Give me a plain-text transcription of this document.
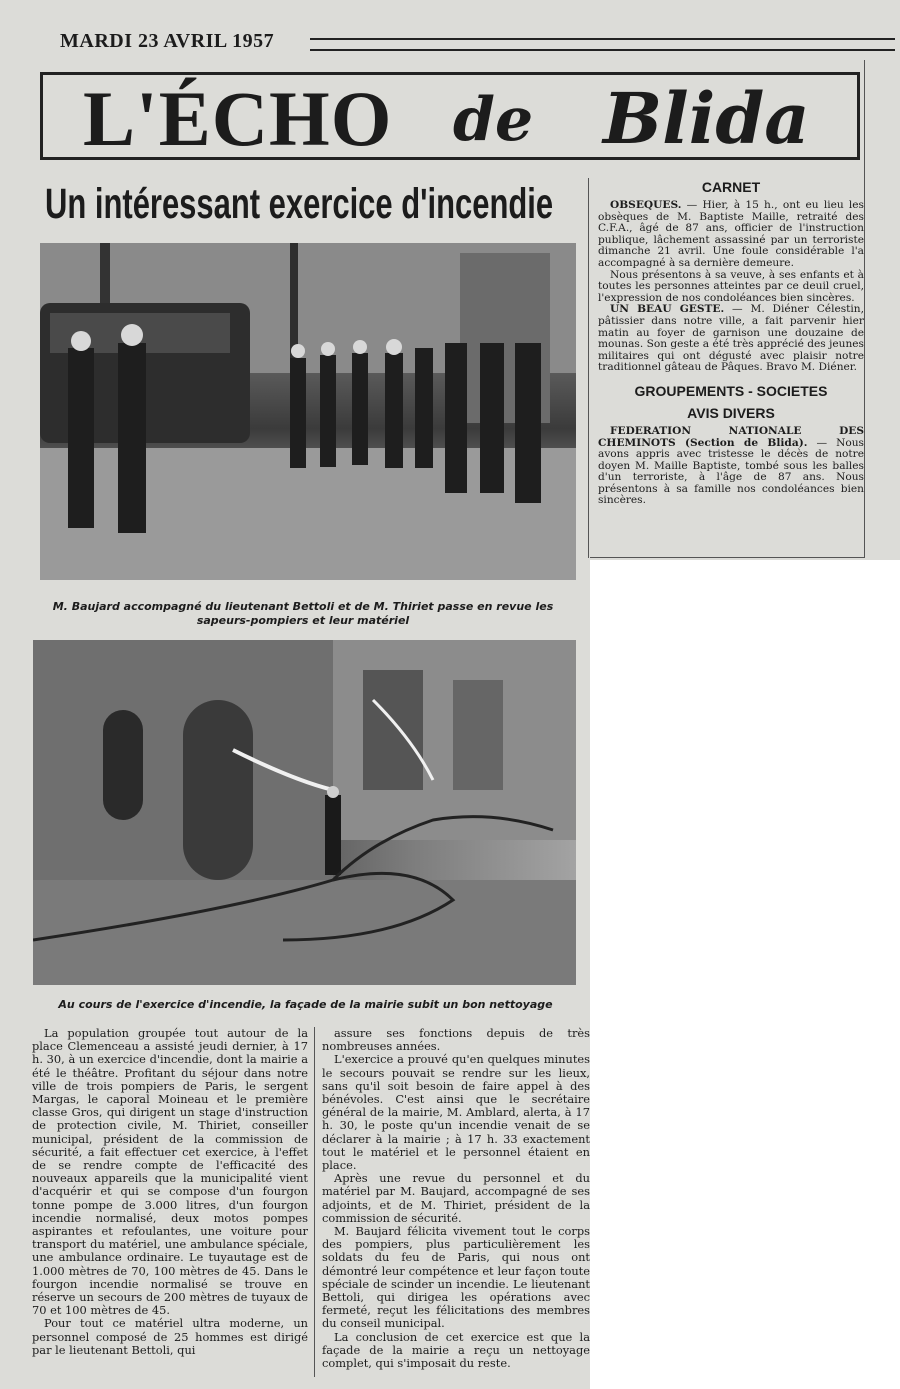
MARDI 23 AVRIL 1957
L'ÉCHO de Blida
Un intéressant exercice d'incendie
M. Baujard accompagné du lieutenant Bettoli et de M. Thiriet passe en revue les sapeurs-pompiers et leur matériel
Au cours de l'exercice d'incendie, la façade de la mairie subit un bon nettoyage

La population groupée tout autour de la place Clemenceau a assisté jeudi dernier, à 17 h. 30, à un exercice d'incendie, dont la mairie a été le théâtre. Profitant du séjour dans notre ville de trois pompiers de Paris, le sergent Margas, le caporal Moineau et le première classe Gros, qui dirigent un stage d'instruction de protection civile, M. Thiriet, conseiller municipal, président de la commission de sécurité, a fait effectuer cet exercice, à l'effet de se rendre compte de l'efficacité des nouveaux appareils que la municipalité vient d'acquérir et qui se compose d'un fourgon tonne pompe de 3.000 litres, d'un fourgon incendie normalisé, deux motos pompes aspirantes et refoulantes, une voiture pour transport du matériel, une ambulance spéciale, une ambulance ordinaire. Le tuyautage est de 1.000 mètres de 70, 100 mètres de 45. Dans le fourgon incendie normalisé se trouve en réserve un secours de 200 mètres de tuyaux de 70 et 100 mètres de 45.

Pour tout ce matériel ultra moderne, un personnel composé de 25 hommes est dirigé par le lieutenant Bettoli, qui

assure ses fonctions depuis de très nombreuses années.

L'exercice a prouvé qu'en quelques minutes le secours pouvait se rendre sur les lieux, sans qu'il soit besoin de faire appel à des bénévoles. C'est ainsi que le secrétaire général de la mairie, M. Amblard, alerta, à 17 h. 30, le poste qu'un incendie venait de se déclarer à la mairie ; à 17 h. 33 exactement tout le matériel et le personnel étaient en place.

Après une revue du personnel et du matériel par M. Baujard, accompagné de ses adjoints, et de M. Thiriet, président de la commission de sécurité.

M. Baujard félicita vivement tout le corps des pompiers, plus particulièrement les soldats du feu de Paris, qui nous ont démontré leur compétence et leur façon toute spéciale de scinder un incendie. Le lieutenant Bettoli, qui dirigea les opérations avec fermeté, reçut les félicitations des membres du conseil municipal.

La conclusion de cet exercice est que la façade de la mairie a reçu un nettoyage complet, qui s'imposait du reste.

CARNET

OBSEQUES. — Hier, à 15 h., ont eu lieu les obsèques de M. Baptiste Maille, retraité des C.F.A., âgé de 87 ans, officier de l'instruction publique, lâchement assassiné par un terroriste dimanche 21 avril. Une foule considérable l'a accompagné à sa dernière demeure.

Nous présentons à sa veuve, à ses enfants et à toutes les personnes atteintes par ce deuil cruel, l'expression de nos condoléances bien sincères.

UN BEAU GESTE. — M. Diéner Célestin, pâtissier dans notre ville, a fait parvenir hier matin au foyer de garnison une douzaine de mounas. Son geste a été très apprécié des jeunes militaires qui ont dégusté avec plaisir notre traditionnel gâteau de Pâques. Bravo M. Diéner.

GROUPEMENTS - SOCIETES
AVIS DIVERS

FEDERATION NATIONALE DES CHEMINOTS (Section de Blida). — Nous avons appris avec tristesse le décès de notre doyen M. Maille Baptiste, tombé sous les balles d'un terroriste, à l'âge de 87 ans. Nous présentons à sa famille nos condoléances bien sincères.
